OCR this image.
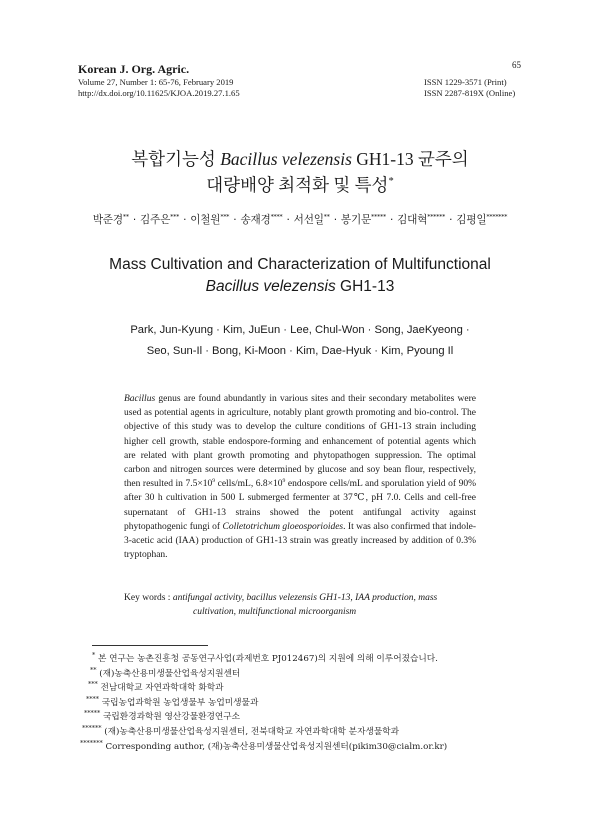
Korean J. Org. Agric.
Volume 27, Number 1: 65-76, February 2019
http://dx.doi.org/10.11625/KJOA.2019.27.1.65
65
ISSN 1229-3571 (Print)
ISSN 2287-819X (Online)
복합기능성 Bacillus velezensis GH1-13 균주의
대량배양 최적화 및 특성*
박준경** · 김주은*** · 이철원*** · 송재경**** · 서선일** · 봉기문***** · 김대혁****** · 김평일*******
Mass Cultivation and Characterization of Multifunctional
Bacillus velezensis GH1-13
Park, Jun-Kyung · Kim, JuEun · Lee, Chul-Won · Song, JaeKyeong ·
Seo, Sun-Il · Bong, Ki-Moon · Kim, Dae-Hyuk · Kim, Pyoung Il
Bacillus genus are found abundantly in various sites and their secondary metabolites were used as potential agents in agriculture, notably plant growth promoting and bio-control. The objective of this study was to develop the culture conditions of GH1-13 strain including higher cell growth, stable endospore-forming and enhancement of potential agents which are related with plant growth promoting and phytopathogen suppression. The optimal carbon and nitrogen sources were determined by glucose and soy bean flour, respectively, then resulted in $7.5\times 10^9$ cells/mL, $6.8\times 10^9$ endospore cells/mL and sporulation yield of 90% after 30 h cultivation in 500 L submerged fermenter at 37℃, pH 7.0. Cells and cell-free supernatant of GH1-13 strains showed the potent antifungal activity against phytopathogenic fungi of Colletotrichum gloeosporioides. It was also confirmed that indole-3-acetic acid (IAA) production of GH1-13 strain was greatly increased by addition of 0.3% tryptophan.
Key words : antifungal activity, bacillus velezensis GH1-13, IAA production, mass
cultivation, multifunctional microorganism
* 본 연구는 농촌진흥청 공동연구사업(과제번호 PJ012467)의 지원에 의해 이루어졌습니다.
** (재)농축산용미생물산업육성지원센터
*** 전남대학교 자연과학대학 화학과
**** 국립농업과학원 농업생물부 농업미생물과
***** 국립환경과학원 영산강물환경연구소
****** (재)농축산용미생물산업육성지원센터, 전북대학교 자연과학대학 분자생물학과
******* Corresponding author, (재)농축산용미생물산업육성지원센터(pikim30@cialm.or.kr)
